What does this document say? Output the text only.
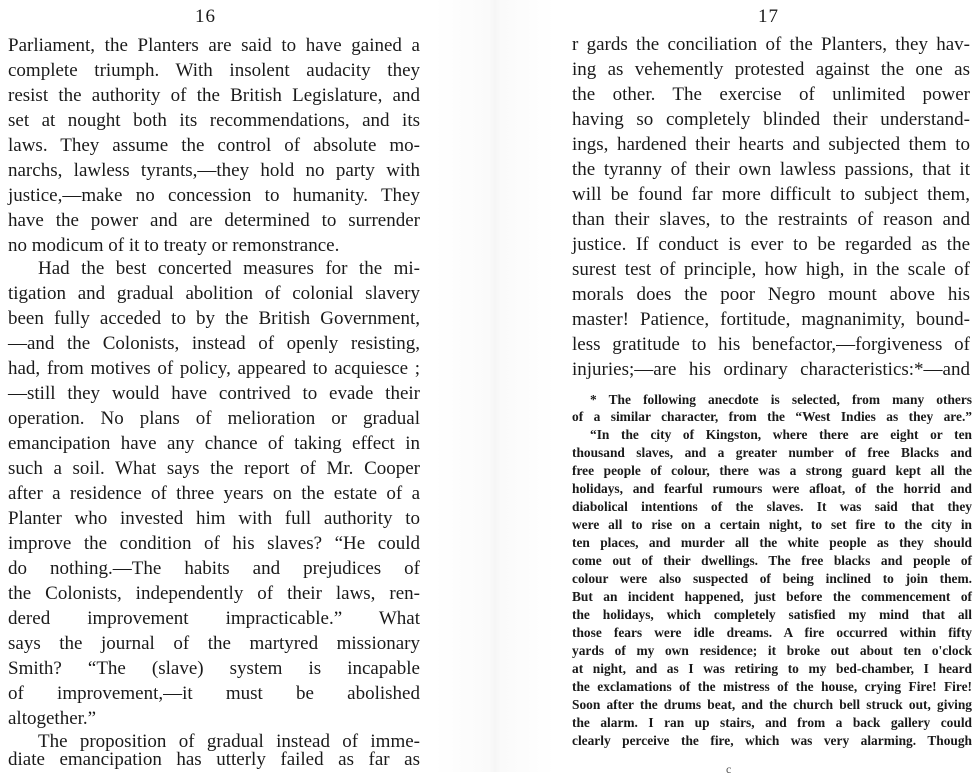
16
Parliament, the Planters are said to have gained a
complete triumph. With insolent audacity they
resist the authority of the British Legislature, and
set at nought both its recommendations, and its
laws. They assume the control of absolute mo-
narchs, lawless tyrants,—they hold no party with
justice,—make no concession to humanity. They
have the power and are determined to surrender
no modicum of it to treaty or remonstrance.
Had the best concerted measures for the mi-
tigation and gradual abolition of colonial slavery
been fully acceded to by the British Government,
—and the Colonists, instead of openly resisting,
had, from motives of policy, appeared to acquiesce ;
—still they would have contrived to evade their
operation. No plans of melioration or gradual
emancipation have any chance of taking effect in
such a soil. What says the report of Mr. Cooper
after a residence of three years on the estate of a
Planter who invested him with full authority to
improve the condition of his slaves? “He could
do nothing.—The habits and prejudices of
the Colonists, independently of their laws, ren-
dered improvement impracticable.” What
says the journal of the martyred missionary
Smith? “The (slave) system is incapable
of improvement,—it must be abolished
altogether.”
The proposition of gradual instead of imme-
diate emancipation has utterly failed as far as
17
r gards the conciliation of the Planters, they hav-
ing as vehemently protested against the one as
the other. The exercise of unlimited power
having so completely blinded their understand-
ings, hardened their hearts and subjected them to
the tyranny of their own lawless passions, that it
will be found far more difficult to subject them,
than their slaves, to the restraints of reason and
justice. If conduct is ever to be regarded as the
surest test of principle, how high, in the scale of
morals does the poor Negro mount above his
master! Patience, fortitude, magnanimity, bound-
less gratitude to his benefactor,—forgiveness of
injuries;—are his ordinary characteristics:*—and
* The following anecdote is selected, from many others
of a similar character, from the “West Indies as they are.”
“In the city of Kingston, where there are eight or ten
thousand slaves, and a greater number of free Blacks and
free people of colour, there was a strong guard kept all the
holidays, and fearful rumours were afloat, of the horrid and
diabolical intentions of the slaves. It was said that they
were all to rise on a certain night, to set fire to the city in
ten places, and murder all the white people as they should
come out of their dwellings. The free blacks and people of
colour were also suspected of being inclined to join them.
But an incident happened, just before the commencement of
the holidays, which completely satisfied my mind that all
those fears were idle dreams. A fire occurred within fifty
yards of my own residence; it broke out about ten o'clock
at night, and as I was retiring to my bed-chamber, I heard
the exclamations of the mistress of the house, crying Fire! Fire!
Soon after the drums beat, and the church bell struck out, giving
the alarm. I ran up stairs, and from a back gallery could
clearly perceive the fire, which was very alarming. Though
c
